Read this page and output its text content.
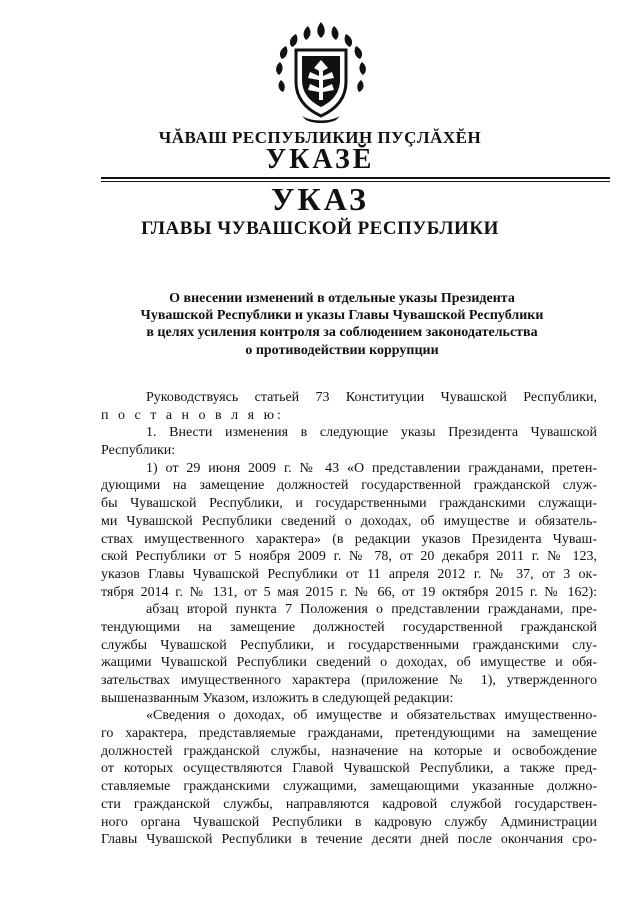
ЧĂВАШ РЕСПУБЛИКИН ПУÇЛĂХĔН
УКАЗĔ
УКАЗ
ГЛАВЫ ЧУВАШСКОЙ РЕСПУБЛИКИ
О внесении изменений в отдельные указы Президента
Чувашской Республики и указы Главы Чувашской Республики
в целях усиления контроля за соблюдением законодательства
о противодействии коррупции
Руководствуясь статьей 73 Конституции Чувашской Республики,
п о с т а н о в л я ю:
1. Внести изменения в следующие указы Президента Чувашской
Республики:
1) от 29 июня 2009 г. № 43 «О представлении гражданами, претен-
дующими на замещение должностей государственной гражданской служ-
бы Чувашской Республики, и государственными гражданскими служащи-
ми Чувашской Республики сведений о доходах, об имуществе и обязатель-
ствах имущественного характера» (в редакции указов Президента Чуваш-
ской Республики от 5 ноября 2009 г. № 78, от 20 декабря 2011 г. № 123,
указов Главы Чувашской Республики от 11 апреля 2012 г. № 37, от 3 ок-
тября 2014 г. № 131, от 5 мая 2015 г. № 66, от 19 октября 2015 г. № 162):
абзац второй пункта 7 Положения о представлении гражданами, пре-
тендующими на замещение должностей государственной гражданской
службы Чувашской Республики, и государственными гражданскими слу-
жащими Чувашской Республики сведений о доходах, об имуществе и обя-
зательствах имущественного характера (приложение № 1), утвержденного
вышеназванным Указом, изложить в следующей редакции:
«Сведения о доходах, об имуществе и обязательствах имущественно-
го характера, представляемые гражданами, претендующими на замещение
должностей гражданской службы, назначение на которые и освобождение
от которых осуществляются Главой Чувашской Республики, а также пред-
ставляемые гражданскими служащими, замещающими указанные должно-
сти гражданской службы, направляются кадровой службой государствен-
ного органа Чувашской Республики в кадровую службу Администрации
Главы Чувашской Республики в течение десяти дней после окончания сро-
